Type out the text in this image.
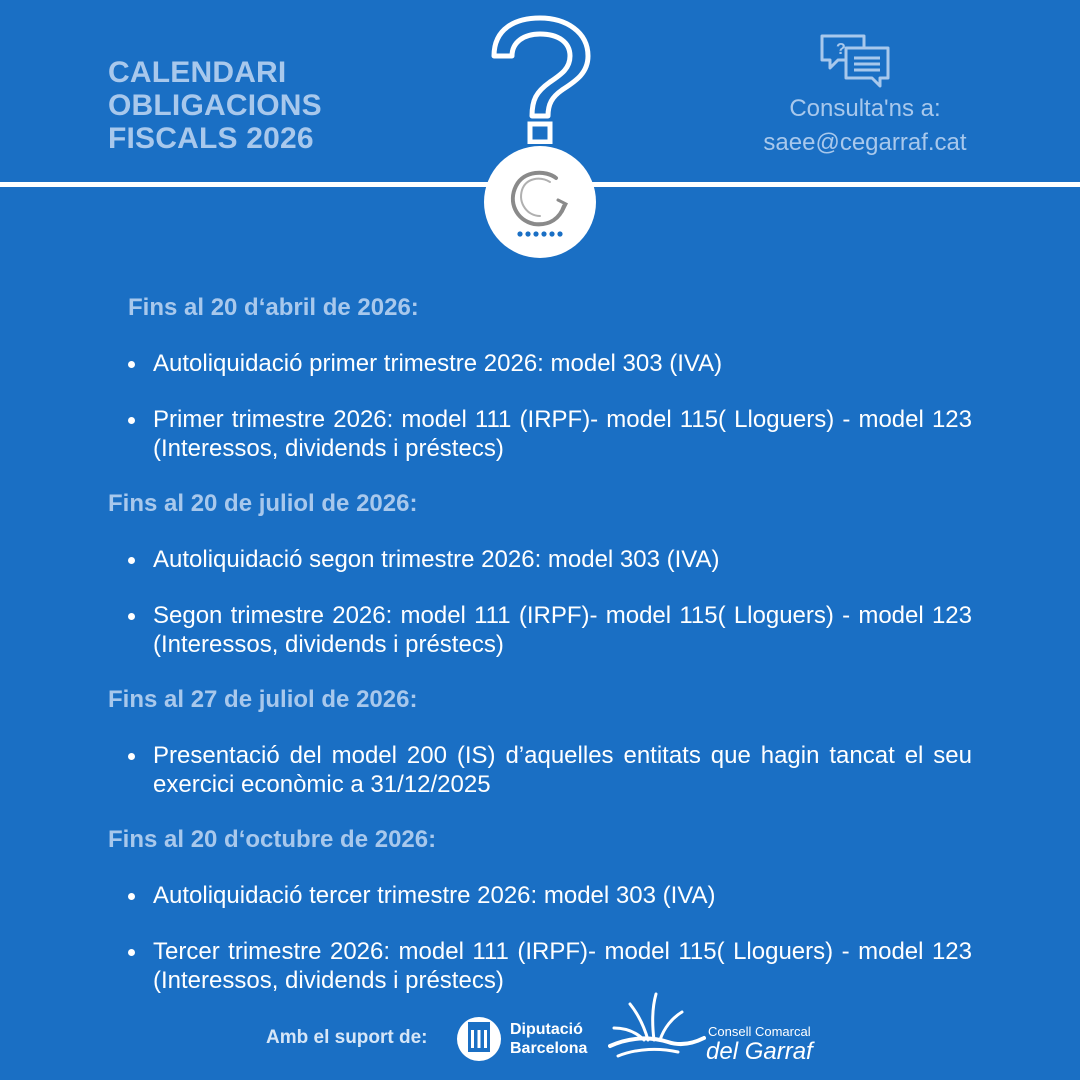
CALENDARI
OBLIGACIONS
FISCALS 2026
?
Consulta'ns a:
saee@cegarraf.cat
Fins al 20 d‘abril de 2026:
Autoliquidació primer trimestre 2026: model 303 (IVA)
Primer trimestre 2026: model 111 (IRPF)- model 115( Lloguers) - model 123 (Interessos, dividends i préstecs)
Fins al 20 de juliol de 2026:
Autoliquidació segon trimestre 2026: model 303 (IVA)
Segon trimestre 2026: model 111 (IRPF)- model 115( Lloguers) - model 123 (Interessos, dividends i préstecs)
Fins al 27 de juliol de 2026:
Presentació del model 200 (IS) d’aquelles entitats que hagin tancat el seu exercici econòmic a 31/12/2025
Fins al 20 d‘octubre de 2026:
Autoliquidació tercer trimestre 2026: model 303 (IVA)
Tercer trimestre 2026: model 111 (IRPF)- model 115( Lloguers) - model 123 (Interessos, dividends i préstecs)
Amb el suport de:	Diputació
Barcelona
Consell Comarcal
del Garraf
